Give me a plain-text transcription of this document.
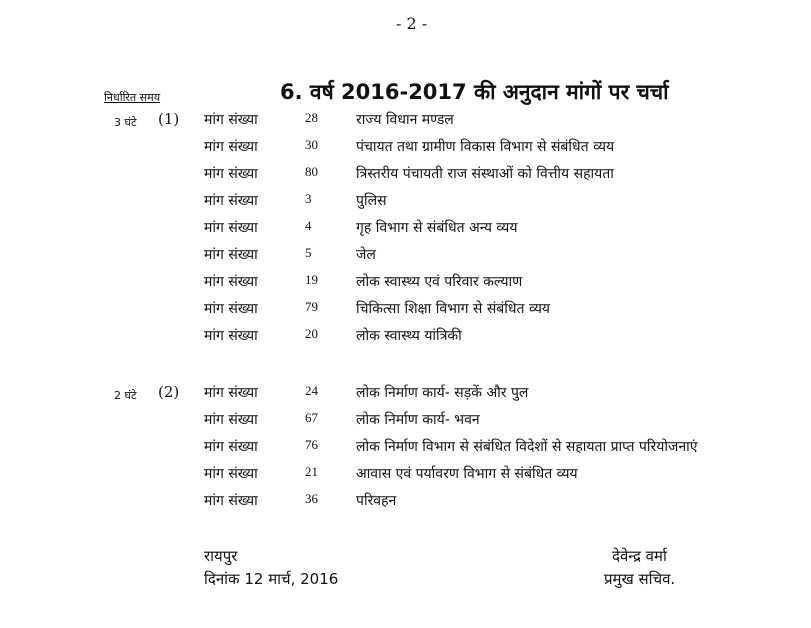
- 2 -
6. वर्ष 2016-2017 की अनुदान मांगों पर चर्चा
निर्धारित समय
3 घंटे (1) मांग संख्या	28	राज्य विधान मण्डल
मांग संख्या	30	पंचायत तथा ग्रामीण विकास विभाग से संबंधित व्यय
मांग संख्या	80	त्रिस्तरीय पंचायती राज संस्थाओं को वित्तीय सहायता
मांग संख्या	3	पुलिस
मांग संख्या	4	गृह विभाग से संबंधित अन्य व्यय
मांग संख्या	5	जेल
मांग संख्या	19	लोक स्वास्थ्य एवं परिवार कल्याण
मांग संख्या	79	चिकित्सा शिक्षा विभाग से संबंधित व्यय
मांग संख्या	20	लोक स्वास्थ्य यांत्रिकी
2 घंटे (2) मांग संख्या	24	लोक निर्माण कार्य- सड़कें और पुल
मांग संख्या	67	लोक निर्माण कार्य- भवन
मांग संख्या	76	लोक निर्माण विभाग से संबंधित विदेशों से सहायता प्राप्त परियोजनाएं
मांग संख्या	21	आवास एवं पर्यावरण विभाग से संबंधित व्यय
मांग संख्या	36	परिवहन
रायपुर
दिनांक 12 मार्च, 2016
देवेन्द्र वर्मा
प्रमुख सचिव.
